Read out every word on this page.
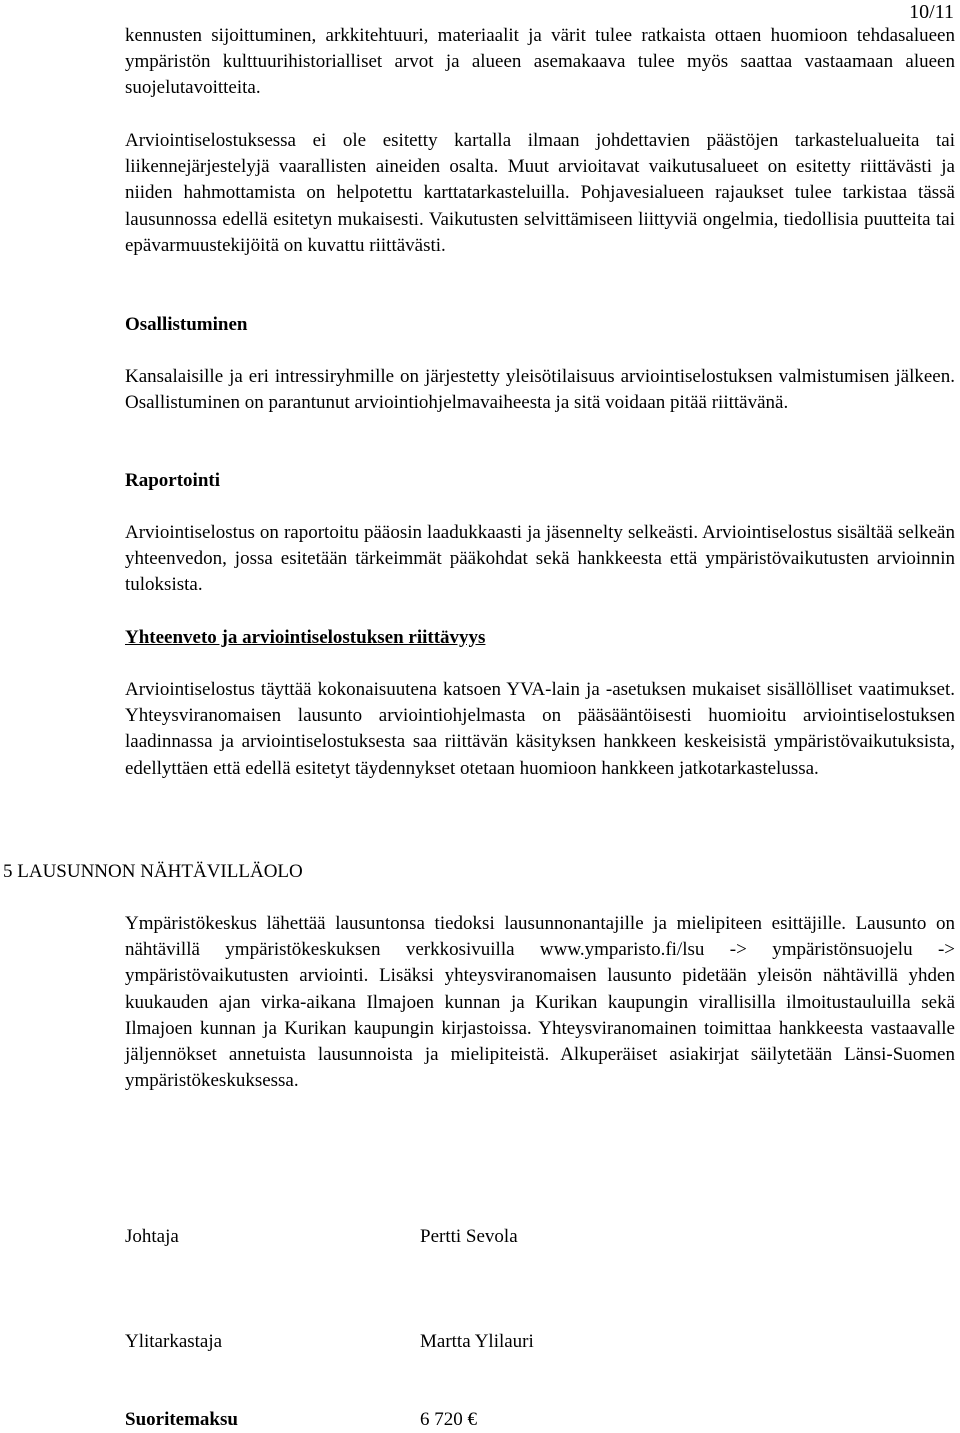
10/11

kennusten sijoittuminen, arkkitehtuuri, materiaalit ja värit tulee ratkaista ottaen huomioon tehdasalueen ympäristön kulttuurihistorialliset arvot ja alueen asemakaava tulee myös saattaa vastaamaan alueen suojelutavoitteita.

Arviointiselostuksessa ei ole esitetty kartalla ilmaan johdettavien päästöjen tarkastelualueita tai liikennejärjestelyjä vaarallisten aineiden osalta. Muut arvioitavat vaikutusalueet on esitetty riittävästi ja niiden hahmottamista on helpotettu karttatarkasteluilla. Pohjavesialueen rajaukset tulee tarkistaa tässä lausunnossa edellä esitetyn mukaisesti. Vaikutusten selvittämiseen liittyviä ongelmia, tiedollisia puutteita tai epävarmuustekijöitä on kuvattu riittävästi.

Osallistuminen

Kansalaisille ja eri intressiryhmille on järjestetty yleisötilaisuus arviointiselostuksen valmistumisen jälkeen. Osallistuminen on parantunut arviointiohjelmavaiheesta ja sitä voidaan pitää riittävänä.

Raportointi

Arviointiselostus on raportoitu pääosin laadukkaasti ja jäsennelty selkeästi. Arviointiselostus sisältää selkeän yhteenvedon, jossa esitetään tärkeimmät pääkohdat sekä hankkeesta että ympäristövaikutusten arvioinnin tuloksista.

Yhteenveto ja arviointiselostuksen riittävyys

Arviointiselostus täyttää kokonaisuutena katsoen YVA-lain ja -asetuksen mukaiset sisällölliset vaatimukset. Yhteysviranomaisen lausunto arviointiohjelmasta on pääsääntöisesti huomioitu arviointiselostuksen laadinnassa ja arviointiselostuksesta saa riittävän käsityksen hankkeen keskeisistä ympäristövaikutuksista, edellyttäen että edellä esitetyt täydennykset otetaan huomioon hankkeen jatkotarkastelussa.

5 LAUSUNNON NÄHTÄVILLÄOLO

Ympäristökeskus lähettää lausuntonsa tiedoksi lausunnonantajille ja mielipiteen esittäjille. Lausunto on nähtävillä ympäristökeskuksen verkkosivuilla www.ymparisto.fi/lsu -> ympäristönsuojelu -> ympäristövaikutusten arviointi. Lisäksi yhteysviranomaisen lausunto pidetään yleisön nähtävillä yhden kuukauden ajan virka-aikana Ilmajoen kunnan ja Kurikan kaupungin virallisilla ilmoitustauluilla sekä Ilmajoen kunnan ja Kurikan kaupungin kirjastoissa. Yhteysviranomainen toimittaa hankkeesta vastaavalle jäljennökset annetuista lausunnoista ja mielipiteistä. Alkuperäiset asiakirjat säilytetään Länsi-Suomen ympäristökeskuksessa.

Johtaja	Pertti Sevola
Ylitarkastaja	Martta Ylilauri
Suoritemaksu	6 720 €
